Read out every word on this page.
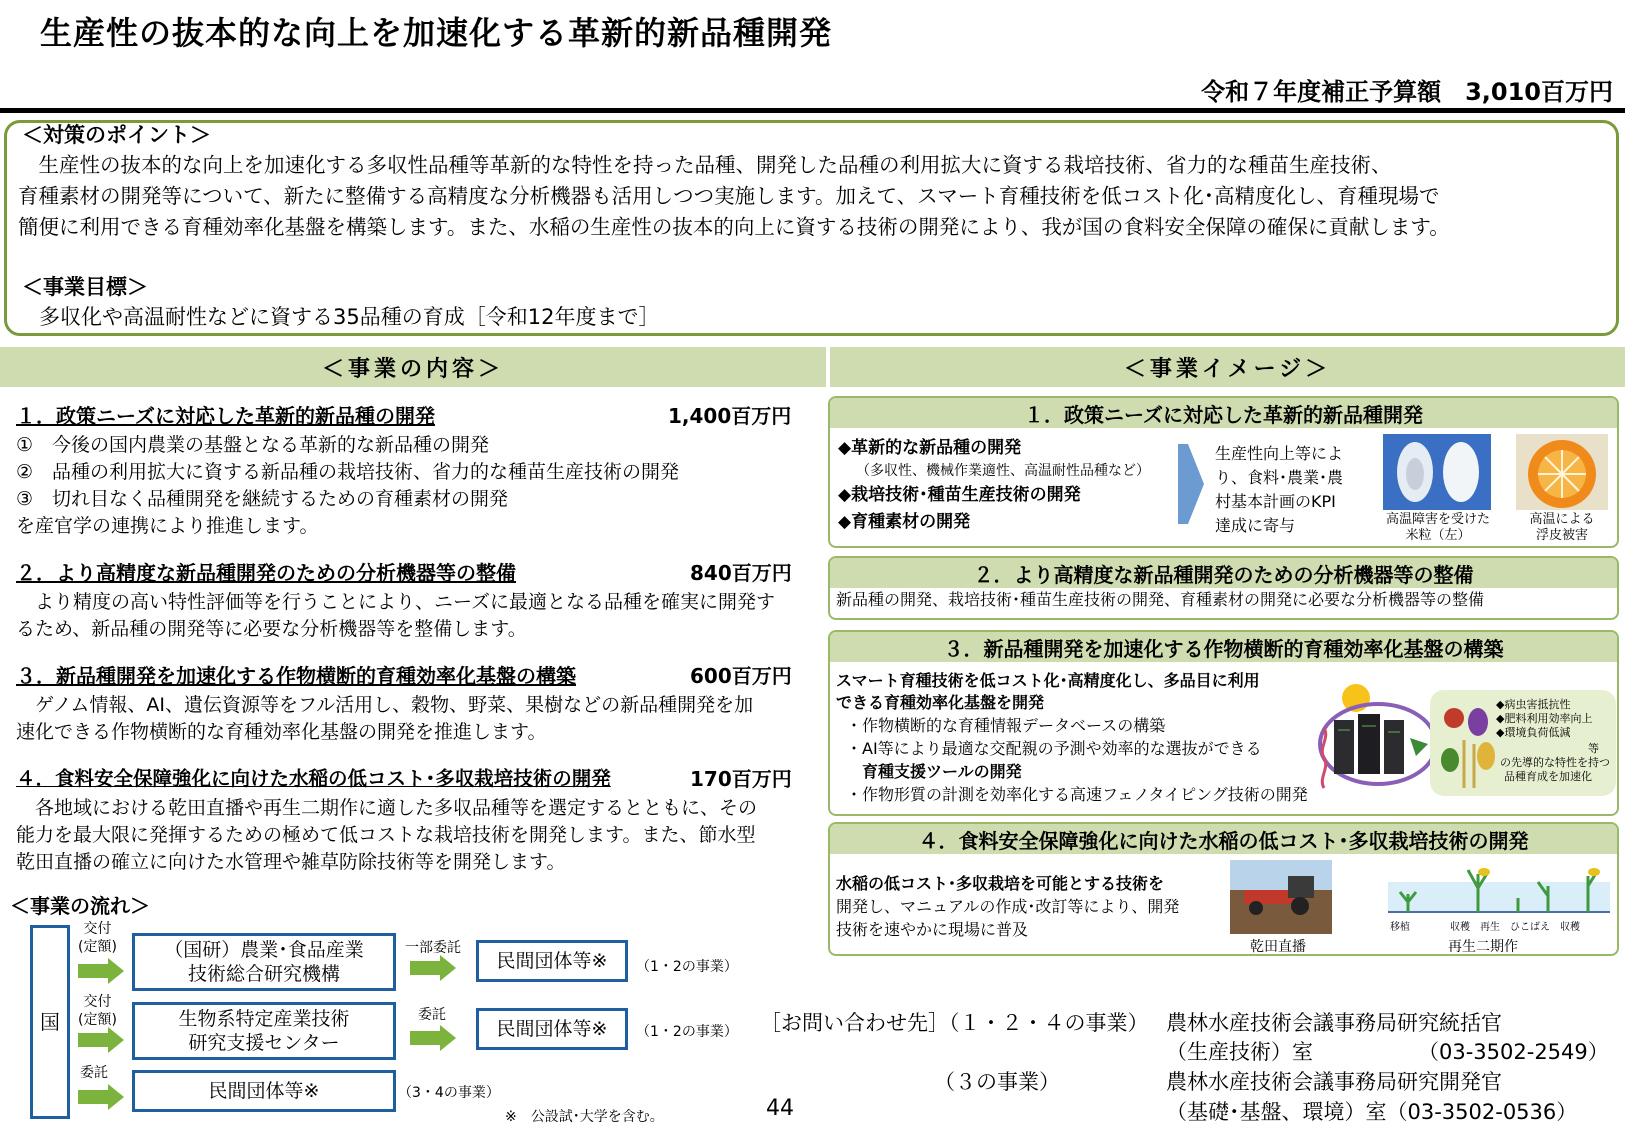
生産性の抜本的な向上を加速化する革新的新品種開発
令和７年度補正予算額　3,010百万円
＜対策のポイント＞
　生産性の抜本的な向上を加速化する多収性品種等革新的な特性を持った品種、開発した品種の利用拡大に資する栽培技術、省力的な種苗生産技術、
育種素材の開発等について、新たに整備する高精度な分析機器も活用しつつ実施します。加えて、スマート育種技術を低コスト化･高精度化し、育種現場で
簡便に利用できる育種効率化基盤を構築します。また、水稲の生産性の抜本的向上に資する技術の開発により、我が国の食料安全保障の確保に貢献します。
＜事業目標＞
　多収化や高温耐性などに資する35品種の育成［令和12年度まで］
＜事業の内容＞	＜事業イメージ＞
１．政策ニーズに対応した革新的新品種の開発	1,400百万円
①　今後の国内農業の基盤となる革新的な新品種の開発
②　品種の利用拡大に資する新品種の栽培技術、省力的な種苗生産技術の開発
③　切れ目なく品種開発を継続するための育種素材の開発
を産官学の連携により推進します。
２．より高精度な新品種開発のための分析機器等の整備	840百万円
　より精度の高い特性評価等を行うことにより、ニーズに最適となる品種を確実に開発す
るため、新品種の開発等に必要な分析機器等を整備します。
３．新品種開発を加速化する作物横断的育種効率化基盤の構築	600百万円
　ゲノム情報、AI、遺伝資源等をフル活用し、穀物、野菜、果樹などの新品種開発を加
速化できる作物横断的な育種効率化基盤の開発を推進します。
４．食料安全保障強化に向けた水稲の低コスト･多収栽培技術の開発	170百万円
　各地域における乾田直播や再生二期作に適した多収品種等を選定するとともに、その
能力を最大限に発揮するための極めて低コストな栽培技術を開発します。また、節水型
乾田直播の確立に向けた水管理や雑草防除技術等を開発します。
＜事業の流れ＞
国
交付
(定額)
交付
(定額)
委託
（国研）農業･食品産業
技術総合研究機構
生物系特定産業技術
研究支援センター
民間団体等※
一部委託
委託
民間団体等※
民間団体等※
（1・2の事業）
（1・2の事業）
（3・4の事業）
※　公設試･大学を含む。	44
１．政策ニーズに対応した革新的新品種開発
◆革新的な新品種の開発
（多収性、機械作業適性、高温耐性品種など）
◆栽培技術･種苗生産技術の開発
◆育種素材の開発
生産性向上等によ
り、食料･農業･農
村基本計画のKPI
達成に寄与	高温障害を受けた
米粒（左）
高温による
浮皮被害
２．より高精度な新品種開発のための分析機器等の整備
新品種の開発、栽培技術･種苗生産技術の開発、育種素材の開発に必要な分析機器等の整備
３．新品種開発を加速化する作物横断的育種効率化基盤の構築
スマート育種技術を低コスト化･高精度化し、多品目に利用
できる育種効率化基盤を開発
・作物横断的な育種情報データベースの構築
・AI等により最適な交配親の予測や効率的な選抜ができる
　育種支援ツールの開発
・作物形質の計測を効率化する高速フェノタイピング技術の開発
◆病虫害抵抗性
◆肥料利用効率向上
◆環境負荷低減
等
の先導的な特性を持つ
品種育成を加速化
４．食料安全保障強化に向けた水稲の低コスト･多収栽培技術の開発
水稲の低コスト･多収栽培を可能とする技術を
開発し、マニュアルの作成･改訂等により、開発
技術を速やかに現場に普及
乾田直播
移植　　　　収穫　再生　ひこばえ　収穫
再生二期作
［お問い合わせ先］（１・２・４の事業） 農林水産技術会議事務局研究統括官
（生産技術）室	（03-3502-2549）
（３の事業）	農林水産技術会議事務局研究開発官
（基礎･基盤、環境）室（03-3502-0536）
